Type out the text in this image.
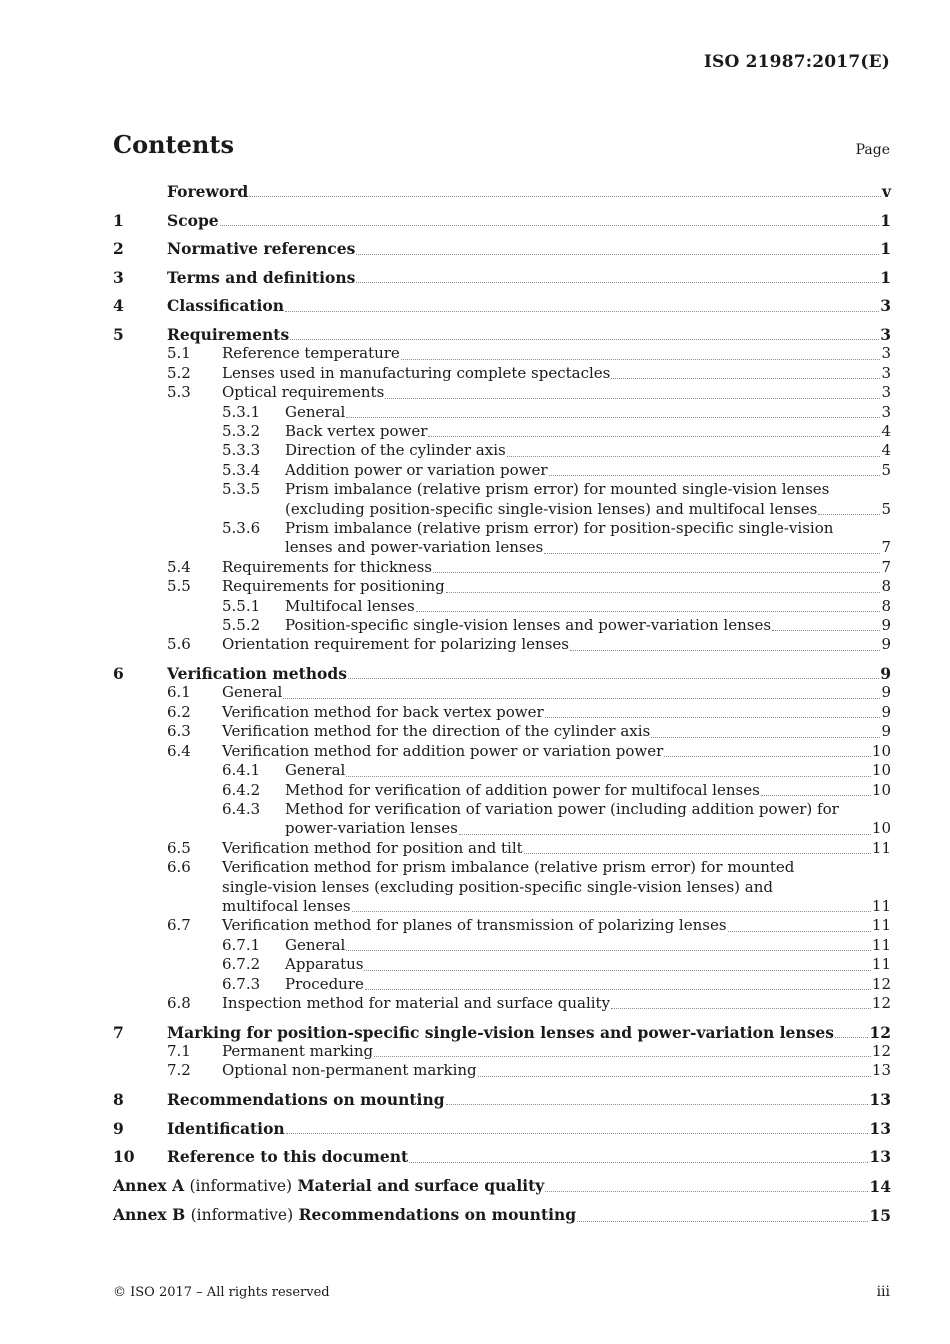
ISO 21987:2017(E)
Contents	Page
Foreword	v
1	Scope	1
2	Normative references	1
3	Terms and definitions	1
4	Classification	3
5	Requirements	3
5.1	Reference temperature	3
5.2	Lenses used in manufacturing complete spectacles	3
5.3	Optical requirements	3
5.3.1	General	3
5.3.2	Back vertex power	4
5.3.3	Direction of the cylinder axis	4
5.3.4	Addition power or variation power	5
5.3.5	Prism imbalance (relative prism error) for mounted single-vision lenses
(excluding position-specific single-vision lenses) and multifocal lenses	5
5.3.6	Prism imbalance (relative prism error) for position-specific single-vision
lenses and power-variation lenses	7
5.4	Requirements for thickness	7
5.5	Requirements for positioning	8
5.5.1	Multifocal lenses	8
5.5.2	Position-specific single-vision lenses and power-variation lenses	9
5.6	Orientation requirement for polarizing lenses	9
6	Verification methods	9
6.1	General	9
6.2	Verification method for back vertex power	9
6.3	Verification method for the direction of the cylinder axis	9
6.4	Verification method for addition power or variation power	10
6.4.1	General	10
6.4.2	Method for verification of addition power for multifocal lenses	10
6.4.3	Method for verification of variation power (including addition power) for
power-variation lenses	10
6.5	Verification method for position and tilt	11
6.6	Verification method for prism imbalance (relative prism error) for mounted
single-vision lenses (excluding position-specific single-vision lenses) and
multifocal lenses	11
6.7	Verification method for planes of transmission of polarizing lenses	11
6.7.1	General	11
6.7.2	Apparatus	11
6.7.3	Procedure	12
6.8	Inspection method for material and surface quality	12
7	Marking for position-specific single-vision lenses and power-variation lenses 12
7.1	Permanent marking	12
7.2	Optional non-permanent marking	13
8	Recommendations on mounting	13
9	Identification	13
10	Reference to this document	13
Annex A (informative) Material and surface quality	14
Annex B (informative) Recommendations on mounting	15
© ISO 2017 – All rights reserved	iii
